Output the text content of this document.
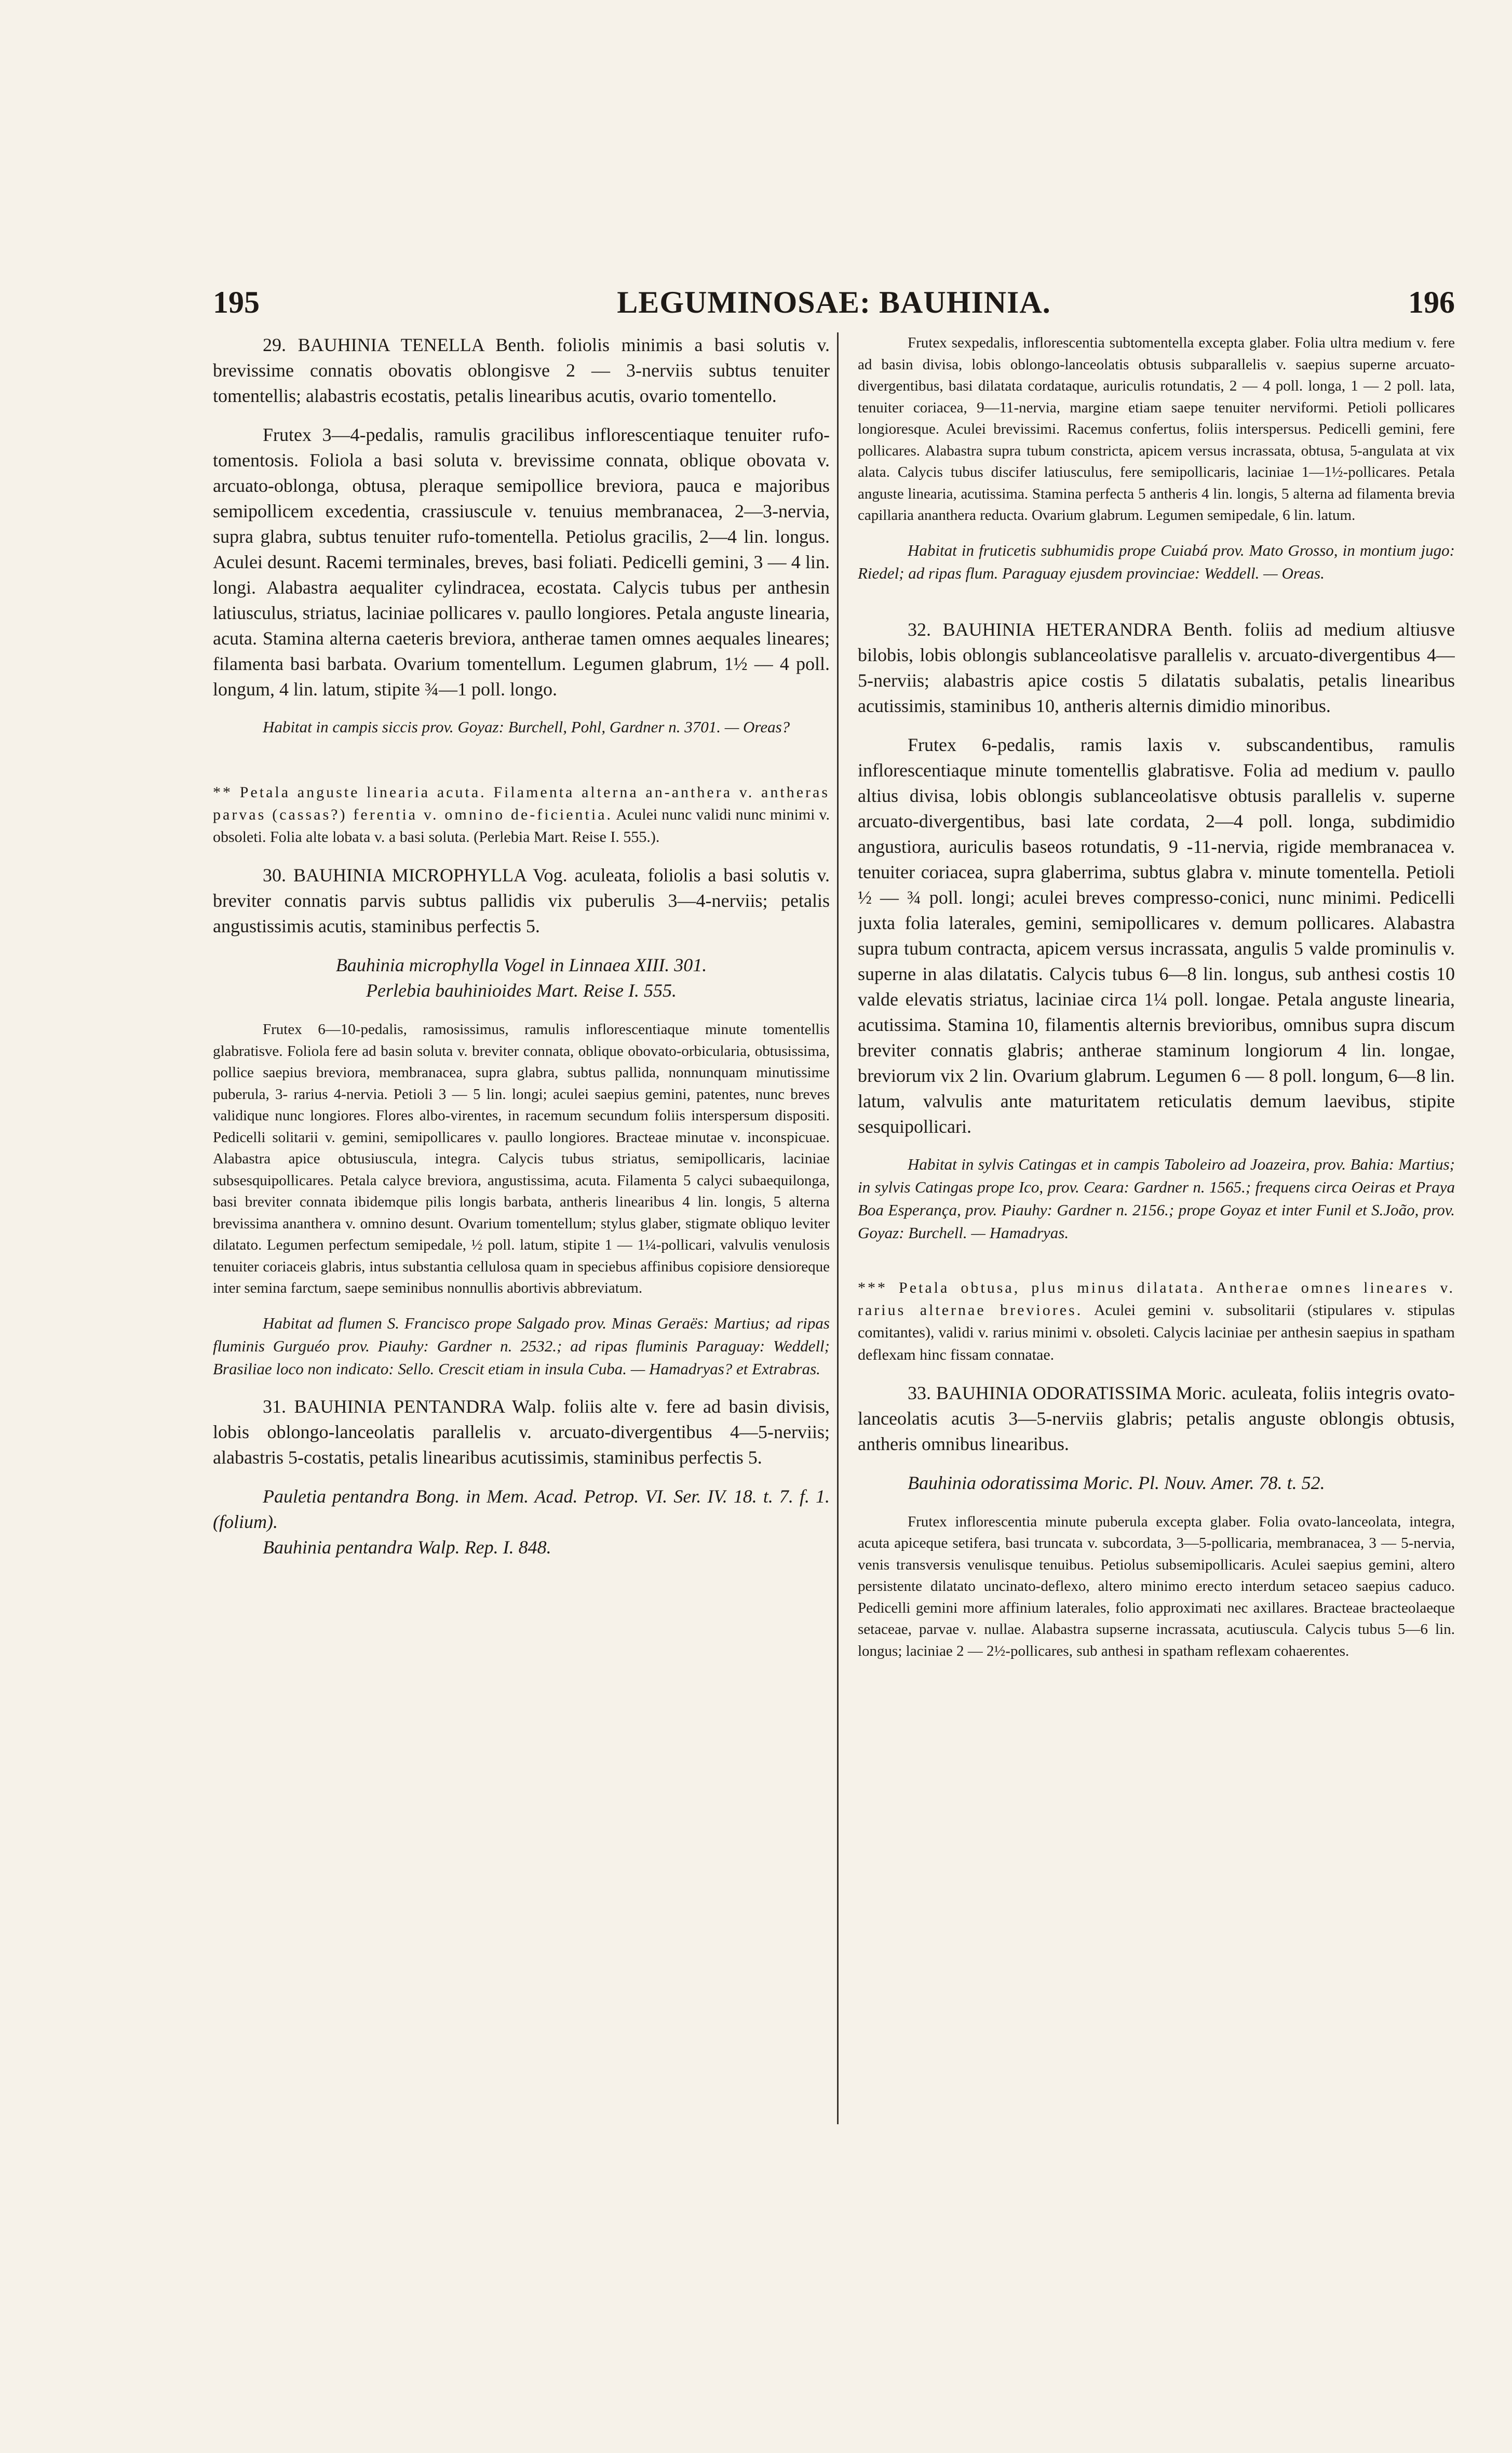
195	LEGUMINOSAE: BAUHINIA.	196

29. BAUHINIA TENELLA Benth. foliolis minimis a basi solutis v. brevissime connatis obovatis oblongisve 2 — 3-nerviis subtus tenuiter tomentellis; alabastris ecostatis, petalis linearibus acutis, ovario tomentello.

Frutex 3—4-pedalis, ramulis gracilibus inflorescentiaque tenuiter rufo-tomentosis. Foliola a basi soluta v. brevissime connata, oblique obovata v. arcuato-oblonga, obtusa, pleraque semipollice breviora, pauca e majoribus semipollicem excedentia, crassiuscule v. tenuius membranacea, 2—3-nervia, supra glabra, subtus tenuiter rufo-tomentella. Petiolus gracilis, 2—4 lin. longus. Aculei desunt. Racemi terminales, breves, basi foliati. Pedicelli gemini, 3 — 4 lin. longi. Alabastra aequaliter cylindracea, ecostata. Calycis tubus per anthesin latiusculus, striatus, laciniae pollicares v. paullo longiores. Petala anguste linearia, acuta. Stamina alterna caeteris breviora, antherae tamen omnes aequales lineares; filamenta basi barbata. Ovarium tomentellum. Legumen glabrum, 1½ — 4 poll. longum, 4 lin. latum, stipite ¾—1 poll. longo.

Habitat in campis siccis prov. Goyaz: Burchell, Pohl, Gardner n. 3701. — Oreas?

** Petala anguste linearia acuta. Filamenta alterna an-anthera v. antheras parvas (cassas?) ferentia v. omnino de-ficientia. Aculei nunc validi nunc minimi v. obsoleti. Folia alte lobata v. a basi soluta. (Perlebia Mart. Reise I. 555.).

30. BAUHINIA MICROPHYLLA Vog. aculeata, foliolis a basi solutis v. breviter connatis parvis subtus pallidis vix puberulis 3—4-nerviis; petalis angustissimis acutis, staminibus perfectis 5.

Bauhinia microphylla Vogel in Linnaea XIII. 301.

Perlebia bauhinioides Mart. Reise I. 555.

Frutex 6—10-pedalis, ramosissimus, ramulis inflorescentiaque minute tomentellis glabratisve. Foliola fere ad basin soluta v. breviter connata, oblique obovato-orbicularia, obtusissima, pollice saepius breviora, membranacea, supra glabra, subtus pallida, nonnunquam minutissime puberula, 3- rarius 4-nervia. Petioli 3 — 5 lin. longi; aculei saepius gemini, patentes, nunc breves validique nunc longiores. Flores albo-virentes, in racemum secundum foliis interspersum dispositi. Pedicelli solitarii v. gemini, semipollicares v. paullo longiores. Bracteae minutae v. inconspicuae. Alabastra apice obtusiuscula, integra. Calycis tubus striatus, semipollicaris, laciniae subsesquipollicares. Petala calyce breviora, angustissima, acuta. Filamenta 5 calyci subaequilonga, basi breviter connata ibidemque pilis longis barbata, antheris linearibus 4 lin. longis, 5 alterna brevissima ananthera v. omnino desunt. Ovarium tomentellum; stylus glaber, stigmate obliquo leviter dilatato. Legumen perfectum semipedale, ½ poll. latum, stipite 1 — 1¼-pollicari, valvulis venulosis tenuiter coriaceis glabris, intus substantia cellulosa quam in speciebus affinibus copisiore densioreque inter semina farctum, saepe seminibus nonnullis abortivis abbreviatum.

Habitat ad flumen S. Francisco prope Salgado prov. Minas Geraës: Martius; ad ripas fluminis Gurguéo prov. Piauhy: Gardner n. 2532.; ad ripas fluminis Paraguay: Weddell; Brasiliae loco non indicato: Sello. Crescit etiam in insula Cuba. — Hamadryas? et Extrabras.

31. BAUHINIA PENTANDRA Walp. foliis alte v. fere ad basin divisis, lobis oblongo-lanceolatis parallelis v. arcuato-divergentibus 4—5-nerviis; alabastris 5-costatis, petalis linearibus acutissimis, staminibus perfectis 5.

Pauletia pentandra Bong. in Mem. Acad. Petrop. VI. Ser. IV. 18. t. 7. f. 1. (folium).

Bauhinia pentandra Walp. Rep. I. 848.

Frutex sexpedalis, inflorescentia subtomentella excepta glaber. Folia ultra medium v. fere ad basin divisa, lobis oblongo-lanceolatis obtusis subparallelis v. saepius superne arcuato-divergentibus, basi dilatata cordataque, auriculis rotundatis, 2 — 4 poll. longa, 1 — 2 poll. lata, tenuiter coriacea, 9—11-nervia, margine etiam saepe tenuiter nerviformi. Petioli pollicares longioresque. Aculei brevissimi. Racemus confertus, foliis interspersus. Pedicelli gemini, fere pollicares. Alabastra supra tubum constricta, apicem versus incrassata, obtusa, 5-angulata at vix alata. Calycis tubus discifer latiusculus, fere semipollicaris, laciniae 1—1½-pollicares. Petala anguste linearia, acutissima. Stamina perfecta 5 antheris 4 lin. longis, 5 alterna ad filamenta brevia capillaria ananthera reducta. Ovarium glabrum. Legumen semipedale, 6 lin. latum.

Habitat in fruticetis subhumidis prope Cuiabá prov. Mato Grosso, in montium jugo: Riedel; ad ripas flum. Paraguay ejusdem provinciae: Weddell. — Oreas.

32. BAUHINIA HETERANDRA Benth. foliis ad medium altiusve bilobis, lobis oblongis sublanceolatisve parallelis v. arcuato-divergentibus 4—5-nerviis; alabastris apice costis 5 dilatatis subalatis, petalis linearibus acutissimis, staminibus 10, antheris alternis dimidio minoribus.

Frutex 6-pedalis, ramis laxis v. subscandentibus, ramulis inflorescentiaque minute tomentellis glabratisve. Folia ad medium v. paullo altius divisa, lobis oblongis sublanceolatisve obtusis parallelis v. superne arcuato-divergentibus, basi late cordata, 2—4 poll. longa, subdimidio angustiora, auriculis baseos rotundatis, 9 -11-nervia, rigide membranacea v. tenuiter coriacea, supra glaberrima, subtus glabra v. minute tomentella. Petioli ½ — ¾ poll. longi; aculei breves compresso-conici, nunc minimi. Pedicelli juxta folia laterales, gemini, semipollicares v. demum pollicares. Alabastra supra tubum contracta, apicem versus incrassata, angulis 5 valde prominulis v. superne in alas dilatatis. Calycis tubus 6—8 lin. longus, sub anthesi costis 10 valde elevatis striatus, laciniae circa 1¼ poll. longae. Petala anguste linearia, acutissima. Stamina 10, filamentis alternis brevioribus, omnibus supra discum breviter connatis glabris; antherae staminum longiorum 4 lin. longae, breviorum vix 2 lin. Ovarium glabrum. Legumen 6 — 8 poll. longum, 6—8 lin. latum, valvulis ante maturitatem reticulatis demum laevibus, stipite sesquipollicari.

Habitat in sylvis Catingas et in campis Taboleiro ad Joazeira, prov. Bahia: Martius; in sylvis Catingas prope Ico, prov. Ceara: Gardner n. 1565.; frequens circa Oeiras et Praya Boa Esperança, prov. Piauhy: Gardner n. 2156.; prope Goyaz et inter Funil et S.João, prov. Goyaz: Burchell. — Hamadryas.

*** Petala obtusa, plus minus dilatata. Antherae omnes lineares v. rarius alternae breviores. Aculei gemini v. subsolitarii (stipulares v. stipulas comitantes), validi v. rarius minimi v. obsoleti. Calycis laciniae per anthesin saepius in spatham deflexam hinc fissam connatae.

33. BAUHINIA ODORATISSIMA Moric. aculeata, foliis integris ovato-lanceolatis acutis 3—5-nerviis glabris; petalis anguste oblongis obtusis, antheris omnibus linearibus.

Bauhinia odoratissima Moric. Pl. Nouv. Amer. 78. t. 52.

Frutex inflorescentia minute puberula excepta glaber. Folia ovato-lanceolata, integra, acuta apiceque setifera, basi truncata v. subcordata, 3—5-pollicaria, membranacea, 3 — 5-nervia, venis transversis venulisque tenuibus. Petiolus subsemipollicaris. Aculei saepius gemini, altero persistente dilatato uncinato-deflexo, altero minimo erecto interdum setaceo saepius caduco. Pedicelli gemini more affinium laterales, folio approximati nec axillares. Bracteae bracteolaeque setaceae, parvae v. nullae. Alabastra supserne incrassata, acutiuscula. Calycis tubus 5—6 lin. longus; laciniae 2 — 2½-pollicares, sub anthesi in spatham reflexam cohaerentes.
